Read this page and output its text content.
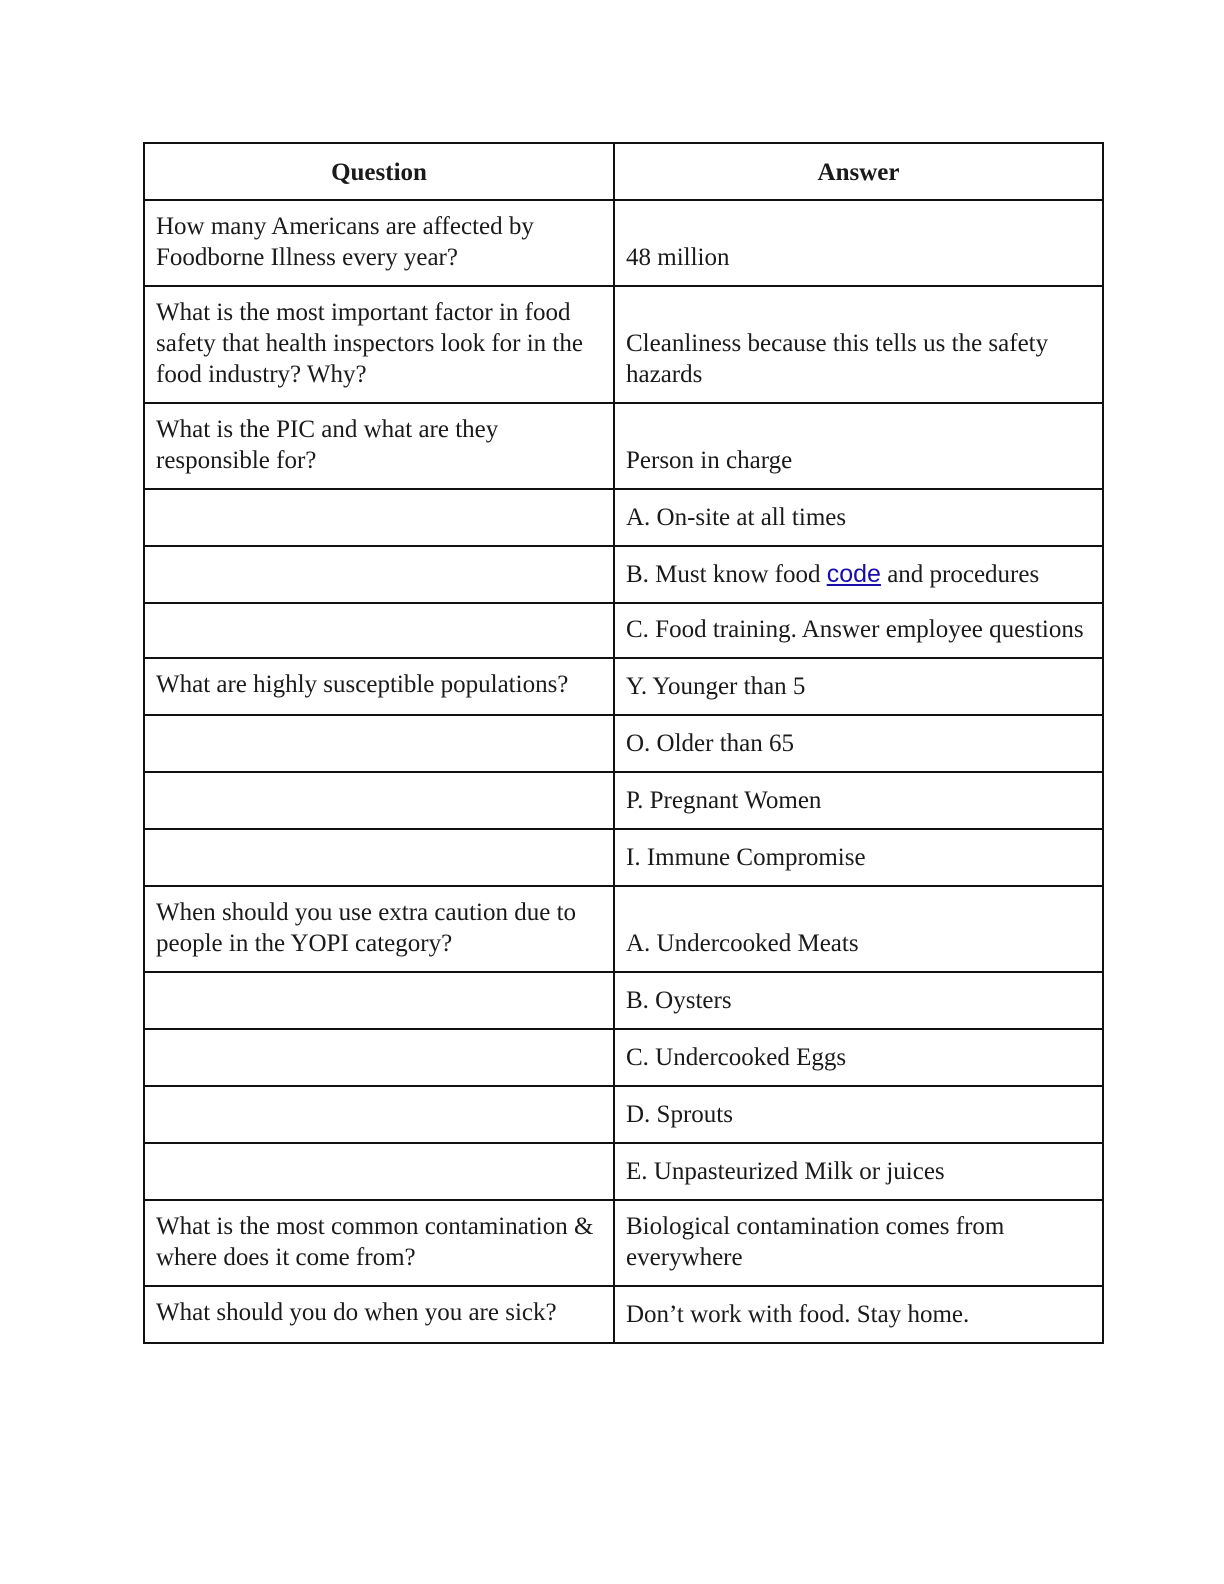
Question	Answer
How many Americans are affected by Foodborne Illness every year?	48 million
What is the most important factor in food safety that health inspectors look for in the food industry? Why?	Cleanliness because this tells us the safety hazards
What is the PIC and what are they responsible for?	Person in charge
	A. On-site at all times
	B. Must know food code and procedures
	C. Food training. Answer employee questions
What are highly susceptible populations?	Y. Younger than 5
	O. Older than 65
	P. Pregnant Women
	I. Immune Compromise
When should you use extra caution due to people in the YOPI category?	A. Undercooked Meats
	B. Oysters
	C. Undercooked Eggs
	D. Sprouts
	E. Unpasteurized Milk or juices
What is the most common contamination & where does it come from?	Biological contamination comes from everywhere
What should you do when you are sick?	Don’t work with food. Stay home.
